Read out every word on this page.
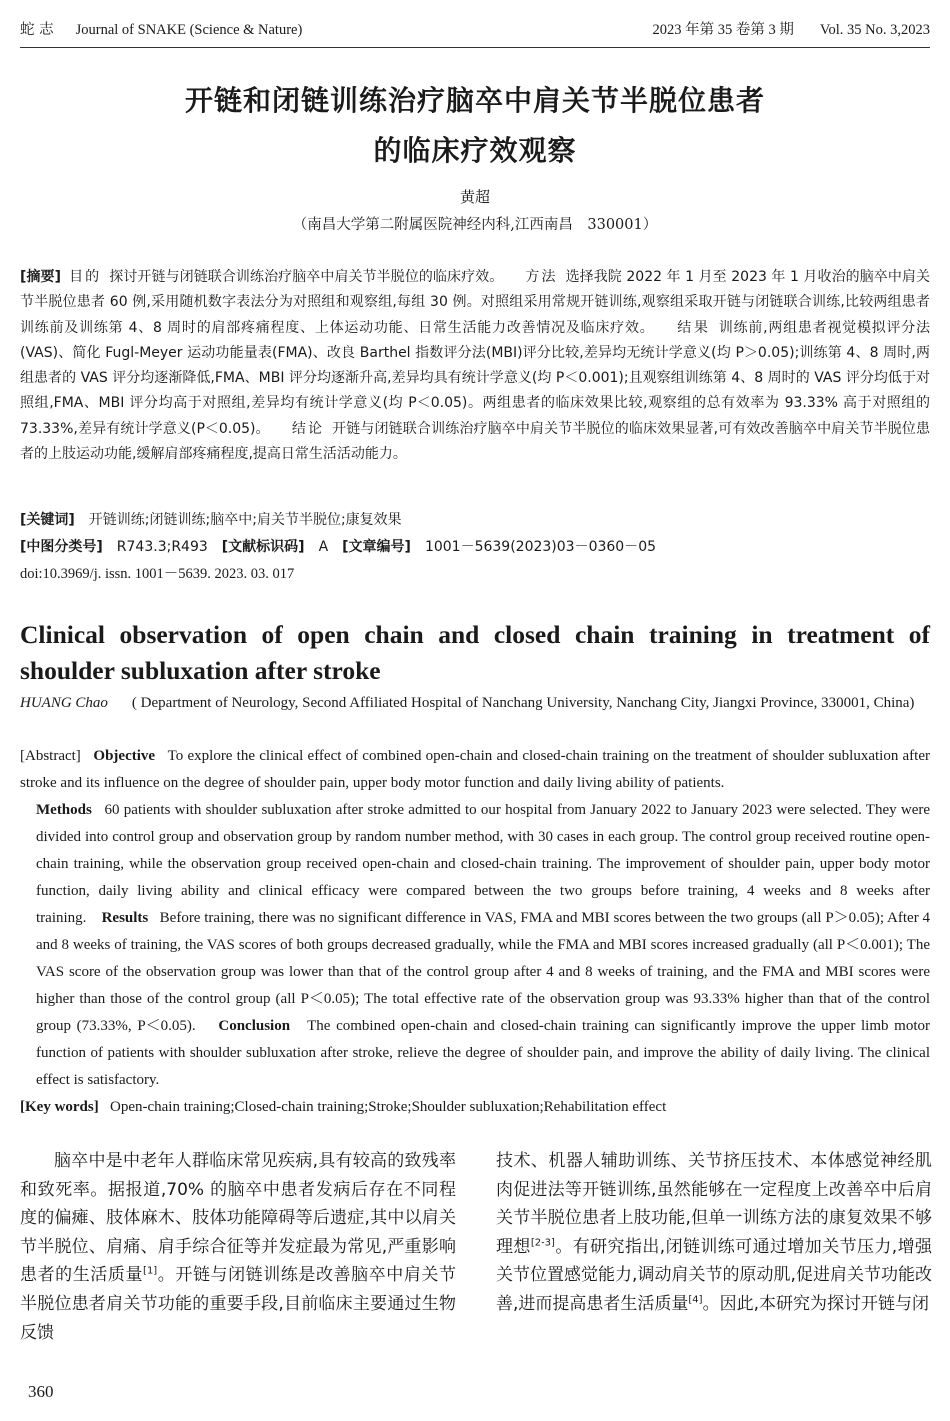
蛇 志 Journal of SNAKE (Science & Nature)	2023 年第 35 卷第 3 期 Vol. 35 No. 3,2023
开链和闭链训练治疗脑卒中肩关节半脱位患者
的临床疗效观察
黄超
（南昌大学第二附属医院神经内科,江西南昌　330001）
[摘要] 目的 探讨开链与闭链联合训练治疗脑卒中肩关节半脱位的临床疗效。 方法 选择我院 2022 年 1 月至 2023 年 1 月收治的脑卒中肩关节半脱位患者 60 例,采用随机数字表法分为对照组和观察组,每组 30 例。对照组采用常规开链训练,观察组采取开链与闭链联合训练,比较两组患者训练前及训练第 4、8 周时的肩部疼痛程度、上体运动功能、日常生活能力改善情况及临床疗效。 结果 训练前,两组患者视觉模拟评分法(VAS)、简化 Fugl-Meyer 运动功能量表(FMA)、改良 Barthel 指数评分法(MBI)评分比较,差异均无统计学意义(均 P＞0.05);训练第 4、8 周时,两组患者的 VAS 评分均逐渐降低,FMA、MBI 评分均逐渐升高,差异均具有统计学意义(均 P＜0.001);且观察组训练第 4、8 周时的 VAS 评分均低于对照组,FMA、MBI 评分均高于对照组,差异均有统计学意义(均 P＜0.05)。两组患者的临床效果比较,观察组的总有效率为 93.33% 高于对照组的 73.33%,差异有统计学意义(P＜0.05)。 结论 开链与闭链联合训练治疗脑卒中肩关节半脱位的临床效果显著,可有效改善脑卒中肩关节半脱位患者的上肢运动功能,缓解肩部疼痛程度,提高日常生活活动能力。
[关键词] 开链训练;闭链训练;脑卒中;肩关节半脱位;康复效果
[中图分类号] R743.3;R493 [文献标识码] A [文章编号] 1001－5639(2023)03－0360－05
doi:10.3969/j. issn. 1001－5639. 2023. 03. 017
Clinical observation of open chain and closed chain training in treatment of shoulder subluxation after stroke
HUANG Chao ( Department of Neurology, Second Affiliated Hospital of Nanchang University, Nanchang City, Jiangxi Province, 330001, China)
[Abstract] Objective To explore the clinical effect of combined open-chain and closed-chain training on the treatment of shoulder subluxation after stroke and its influence on the degree of shoulder pain, upper body motor function and daily living ability of patients.
Methods 60 patients with shoulder subluxation after stroke admitted to our hospital from January 2022 to January 2023 were selected. They were divided into control group and observation group by random number method, with 30 cases in each group. The control group received routine open-chain training, while the observation group received open-chain and closed-chain training. The improvement of shoulder pain, upper body motor function, daily living ability and clinical efficacy were compared between the two groups before training, 4 weeks and 8 weeks after training. Results Before training, there was no significant difference in VAS, FMA and MBI scores between the two groups (all P＞0.05); After 4 and 8 weeks of training, the VAS scores of both groups decreased gradually, while the FMA and MBI scores increased gradually (all P＜0.001); The VAS score of the observation group was lower than that of the control group after 4 and 8 weeks of training, and the FMA and MBI scores were higher than those of the control group (all P＜0.05); The total effective rate of the observation group was 93.33% higher than that of the control group (73.33%, P＜0.05). Conclusion The combined open-chain and closed-chain training can significantly improve the upper limb motor function of patients with shoulder subluxation after stroke, relieve the degree of shoulder pain, and improve the ability of daily living. The clinical effect is satisfactory.
[Key words] Open-chain training;Closed-chain training;Stroke;Shoulder subluxation;Rehabilitation effect

脑卒中是中老年人群临床常见疾病,具有较高的致残率和致死率。据报道,70% 的脑卒中患者发病后存在不同程度的偏瘫、肢体麻木、肢体功能障碍等后遗症,其中以肩关节半脱位、肩痛、肩手综合征等并发症最为常见,严重影响患者的生活质量[1]。开链与闭链训练是改善脑卒中肩关节半脱位患者肩关节功能的重要手段,目前临床主要通过生物反馈

技术、机器人辅助训练、关节挤压技术、本体感觉神经肌肉促进法等开链训练,虽然能够在一定程度上改善卒中后肩关节半脱位患者上肢功能,但单一训练方法的康复效果不够理想[2-3]。有研究指出,闭链训练可通过增加关节压力,增强关节位置感觉能力,调动肩关节的原动肌,促进肩关节功能改善,进而提高患者生活质量[4]。因此,本研究为探讨开链与闭

360
